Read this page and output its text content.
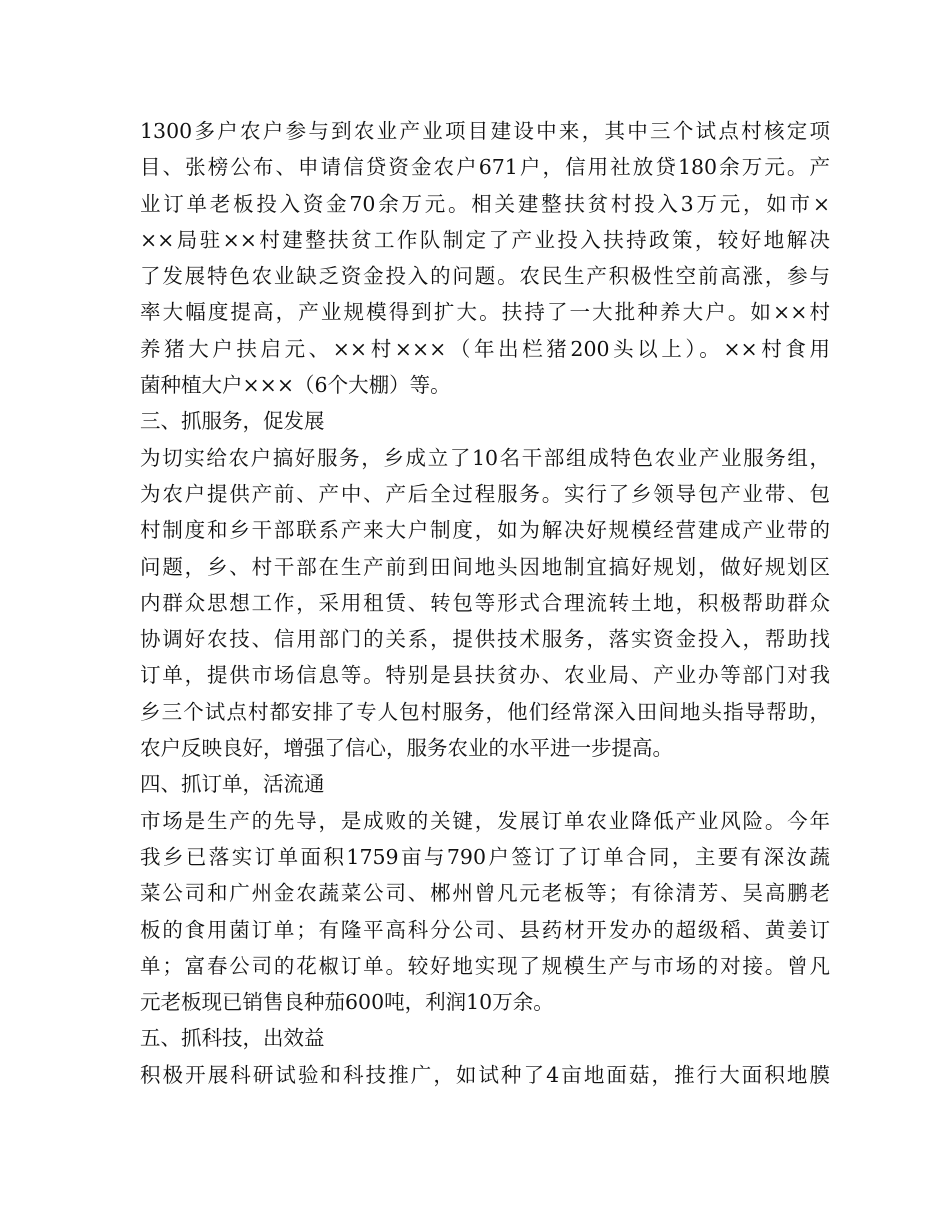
1300多户农户参与到农业产业项目建设中来，其中三个试点村核定项
目、张榜公布、申请信贷资金农户671户，信用社放贷180余万元。产
业订单老板投入资金70余万元。相关建整扶贫村投入3万元，如市×
××局驻××村建整扶贫工作队制定了产业投入扶持政策，较好地解决
了发展特色农业缺乏资金投入的问题。农民生产积极性空前高涨，参与
率大幅度提高，产业规模得到扩大。扶持了一大批种养大户。如××村
养猪大户扶启元、××村×××（年出栏猪200头以上）。××村食用
菌种植大户×××（6个大棚）等。
三、抓服务，促发展
为切实给农户搞好服务，乡成立了10名干部组成特色农业产业服务组，
为农户提供产前、产中、产后全过程服务。实行了乡领导包产业带、包
村制度和乡干部联系产来大户制度，如为解决好规模经营建成产业带的
问题，乡、村干部在生产前到田间地头因地制宜搞好规划，做好规划区
内群众思想工作，采用租赁、转包等形式合理流转土地，积极帮助群众
协调好农技、信用部门的关系，提供技术服务，落实资金投入，帮助找
订单，提供市场信息等。特别是县扶贫办、农业局、产业办等部门对我
乡三个试点村都安排了专人包村服务，他们经常深入田间地头指导帮助，
农户反映良好，增强了信心，服务农业的水平进一步提高。
四、抓订单，活流通
市场是生产的先导，是成败的关键，发展订单农业降低产业风险。今年
我乡已落实订单面积1759亩与790户签订了订单合同，主要有深汝蔬
菜公司和广州金农蔬菜公司、郴州曾凡元老板等；有徐清芳、吴高鹏老
板的食用菌订单；有隆平高科分公司、县药材开发办的超级稻、黄姜订
单；富春公司的花椒订单。较好地实现了规模生产与市场的对接。曾凡
元老板现已销售良种茄600吨，利润10万余。
五、抓科技，出效益
积极开展科研试验和科技推广，如试种了4亩地面菇，推行大面积地膜
